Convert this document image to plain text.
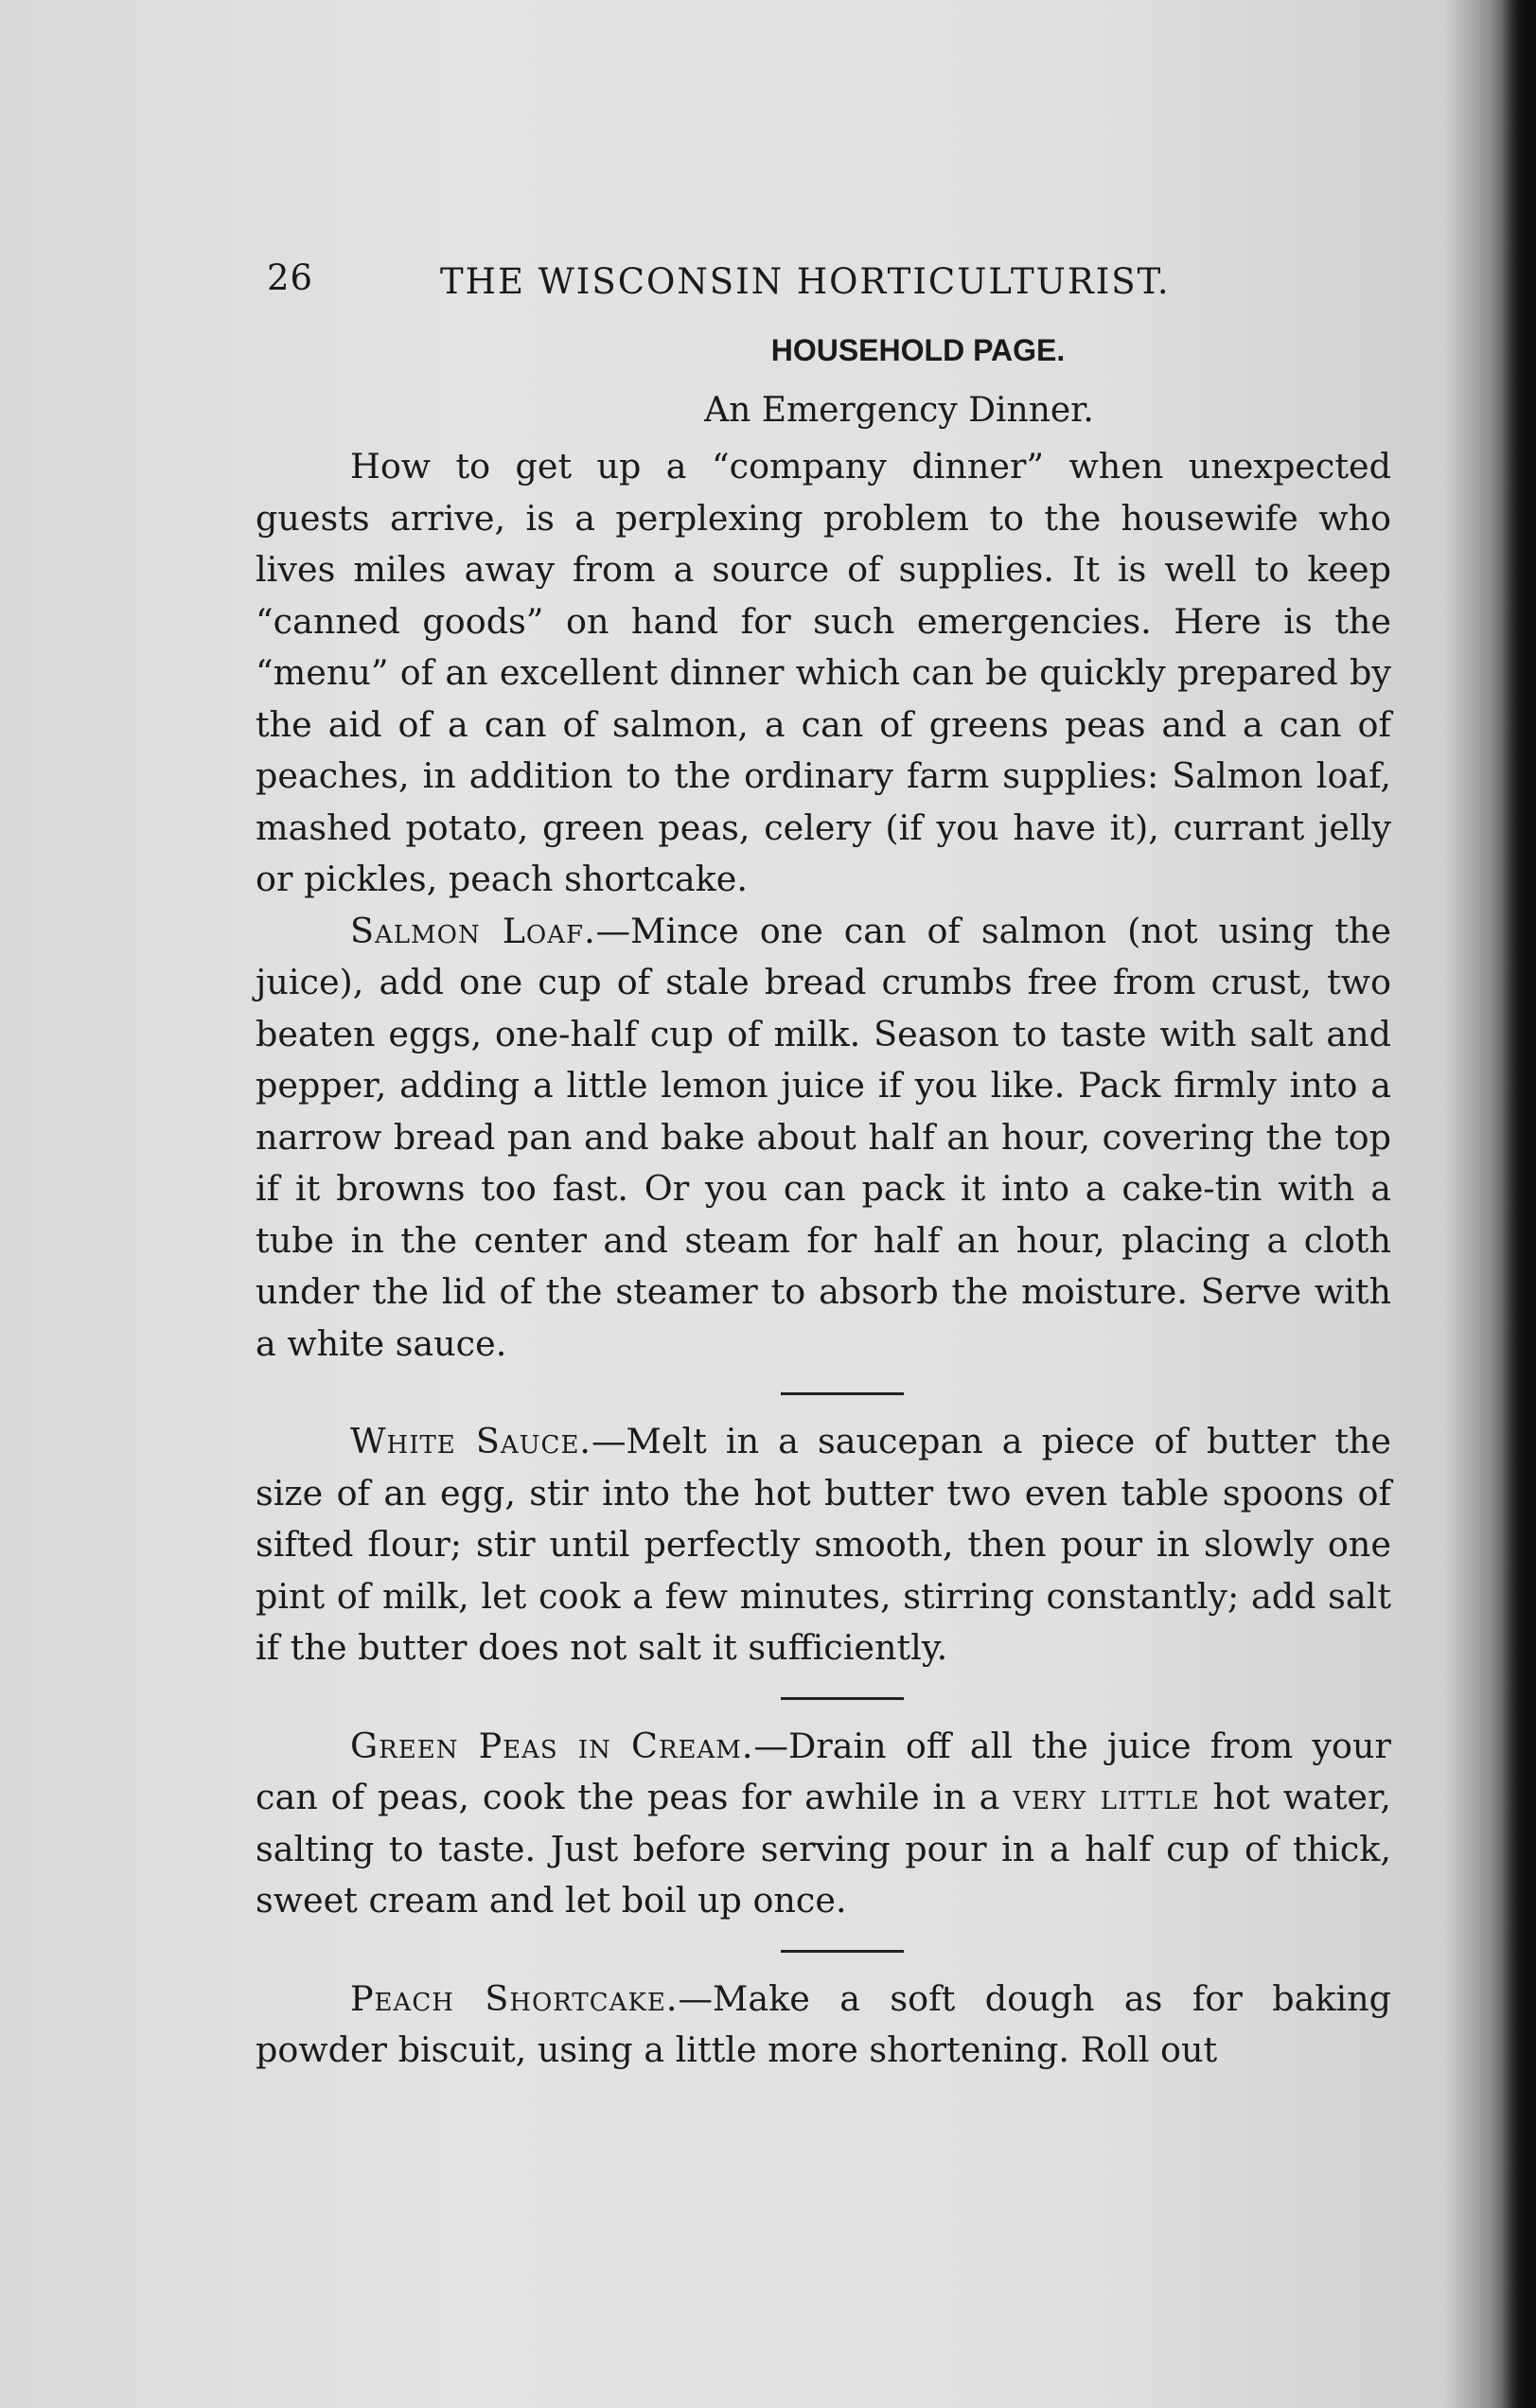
26	THE WISCONSIN HORTICULTURIST.
HOUSEHOLD PAGE.
An Emergency Dinner.

How to get up a “company dinner” when unexpected guests arrive, is a perplexing problem to the housewife who lives miles away from a source of supplies. It is well to keep “canned goods” on hand for such emergencies. Here is the “menu” of an excellent dinner which can be quickly prepared by the aid of a can of salmon, a can of greens peas and a can of peaches, in addition to the ordinary farm supplies: Salmon loaf, mashed potato, green peas, celery (if you have it), currant jelly or pickles, peach shortcake.

Salmon Loaf.—Mince one can of salmon (not using the juice), add one cup of stale bread crumbs free from crust, two beaten eggs, one-half cup of milk. Season to taste with salt and pepper, adding a little lemon juice if you like. Pack firmly into a narrow bread pan and bake about half an hour, covering the top if it browns too fast. Or you can pack it into a cake-tin with a tube in the center and steam for half an hour, placing a cloth under the lid of the steamer to absorb the moisture. Serve with a white sauce.

White Sauce.—Melt in a saucepan a piece of butter the size of an egg, stir into the hot butter two even table spoons of sifted flour; stir until perfectly smooth, then pour in slowly one pint of milk, let cook a few minutes, stirring constantly; add salt if the butter does not salt it sufficiently.

Green Peas in Cream.—Drain off all the juice from your can of peas, cook the peas for awhile in a very little hot water, salting to taste. Just before serving pour in a half cup of thick, sweet cream and let boil up once.

Peach Shortcake.—Make a soft dough as for baking powder biscuit, using a little more shortening. Roll out
